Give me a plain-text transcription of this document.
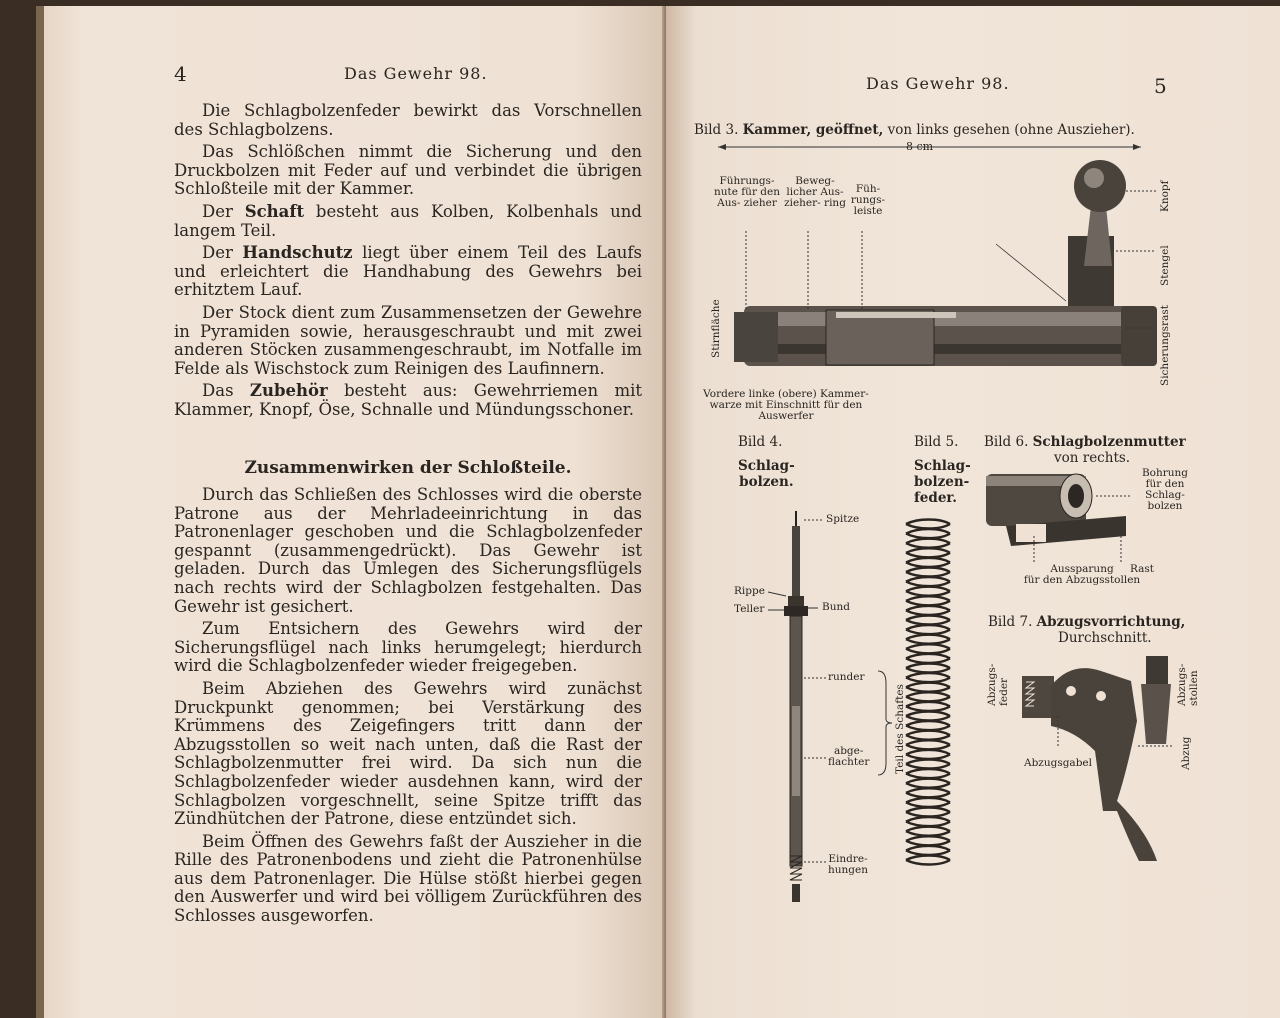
4	Das Gewehr 98.

Die Schlagbolzenfeder bewirkt das Vorschnellen des Schlagbolzens.

Das Schlößchen nimmt die Sicherung und den Druckbolzen mit Feder auf und verbindet die übrigen Schloßteile mit der Kammer.

Der Schaft besteht aus Kolben, Kolbenhals und langem Teil.

Der Handschutz liegt über einem Teil des Laufs und erleichtert die Handhabung des Gewehrs bei erhitztem Lauf.

Der Stock dient zum Zusammensetzen der Gewehre in Pyramiden sowie, herausgeschraubt und mit zwei anderen Stöcken zusammengeschraubt, im Notfalle im Felde als Wischstock zum Reinigen des Laufinnern.

Das Zubehör besteht aus: Gewehrriemen mit Klammer, Knopf, Öse, Schnalle und Mündungsschoner.

Zusammenwirken der Schloßteile.

Durch das Schließen des Schlosses wird die oberste Patrone aus der Mehrladeeinrichtung in das Patronenlager geschoben und die Schlagbolzenfeder gespannt (zusammengedrückt). Das Gewehr ist geladen. Durch das Umlegen des Sicherungsflügels nach rechts wird der Schlagbolzen festgehalten. Das Gewehr ist gesichert.

Zum Entsichern des Gewehrs wird der Sicherungsflügel nach links herumgelegt; hierdurch wird die Schlagbolzenfeder wieder freigegeben.

Beim Abziehen des Gewehrs wird zunächst Druckpunkt genommen; bei Verstärkung des Krümmens des Zeigefingers tritt dann der Abzugsstollen so weit nach unten, daß die Rast der Schlagbolzenmutter frei wird. Da sich nun die Schlagbolzenfeder wieder ausdehnen kann, wird der Schlagbolzen vorgeschnellt, seine Spitze trifft das Zündhütchen der Patrone, diese entzündet sich.

Beim Öffnen des Gewehrs faßt der Auszieher in die Rille des Patronenbodens und zieht die Patronenhülse aus dem Patronenlager. Die Hülse stößt hierbei gegen den Auswerfer und wird bei völligem Zurückführen des Schlosses ausgeworfen.

Das Gewehr 98.	5
Bild 3. Kammer, geöffnet, von links gesehen (ohne Auszieher).
8 cm
Führungs- nute für den Aus- zieher
Beweg- licher Aus- zieher- ring
Füh- rungs- leiste	Knopf
Stengel
Sicherungsrast
Stirnfläche
Vordere linke (obere) Kammer-
warze mit Einschnitt für den
Auswerfer
Bild 4.
Schlag-
bolzen.
Spitze
Rippe
Teller	Bund
runder
abge-
flachter Teil des Schaftes
Eindre-
hungen
Bild 5.
Schlag-
bolzen-
feder.
Bild 6. Schlagbolzenmutter
von rechts.
Bohrung
für den
Schlag-
bolzen
Aussparung
für den Abzugsstollen
Rast
Bild 7. Abzugsvorrichtung,
Durchschnitt.
Abzugs-
feder	Abzugs-
stollen
Abzugsgabel	Abzug
